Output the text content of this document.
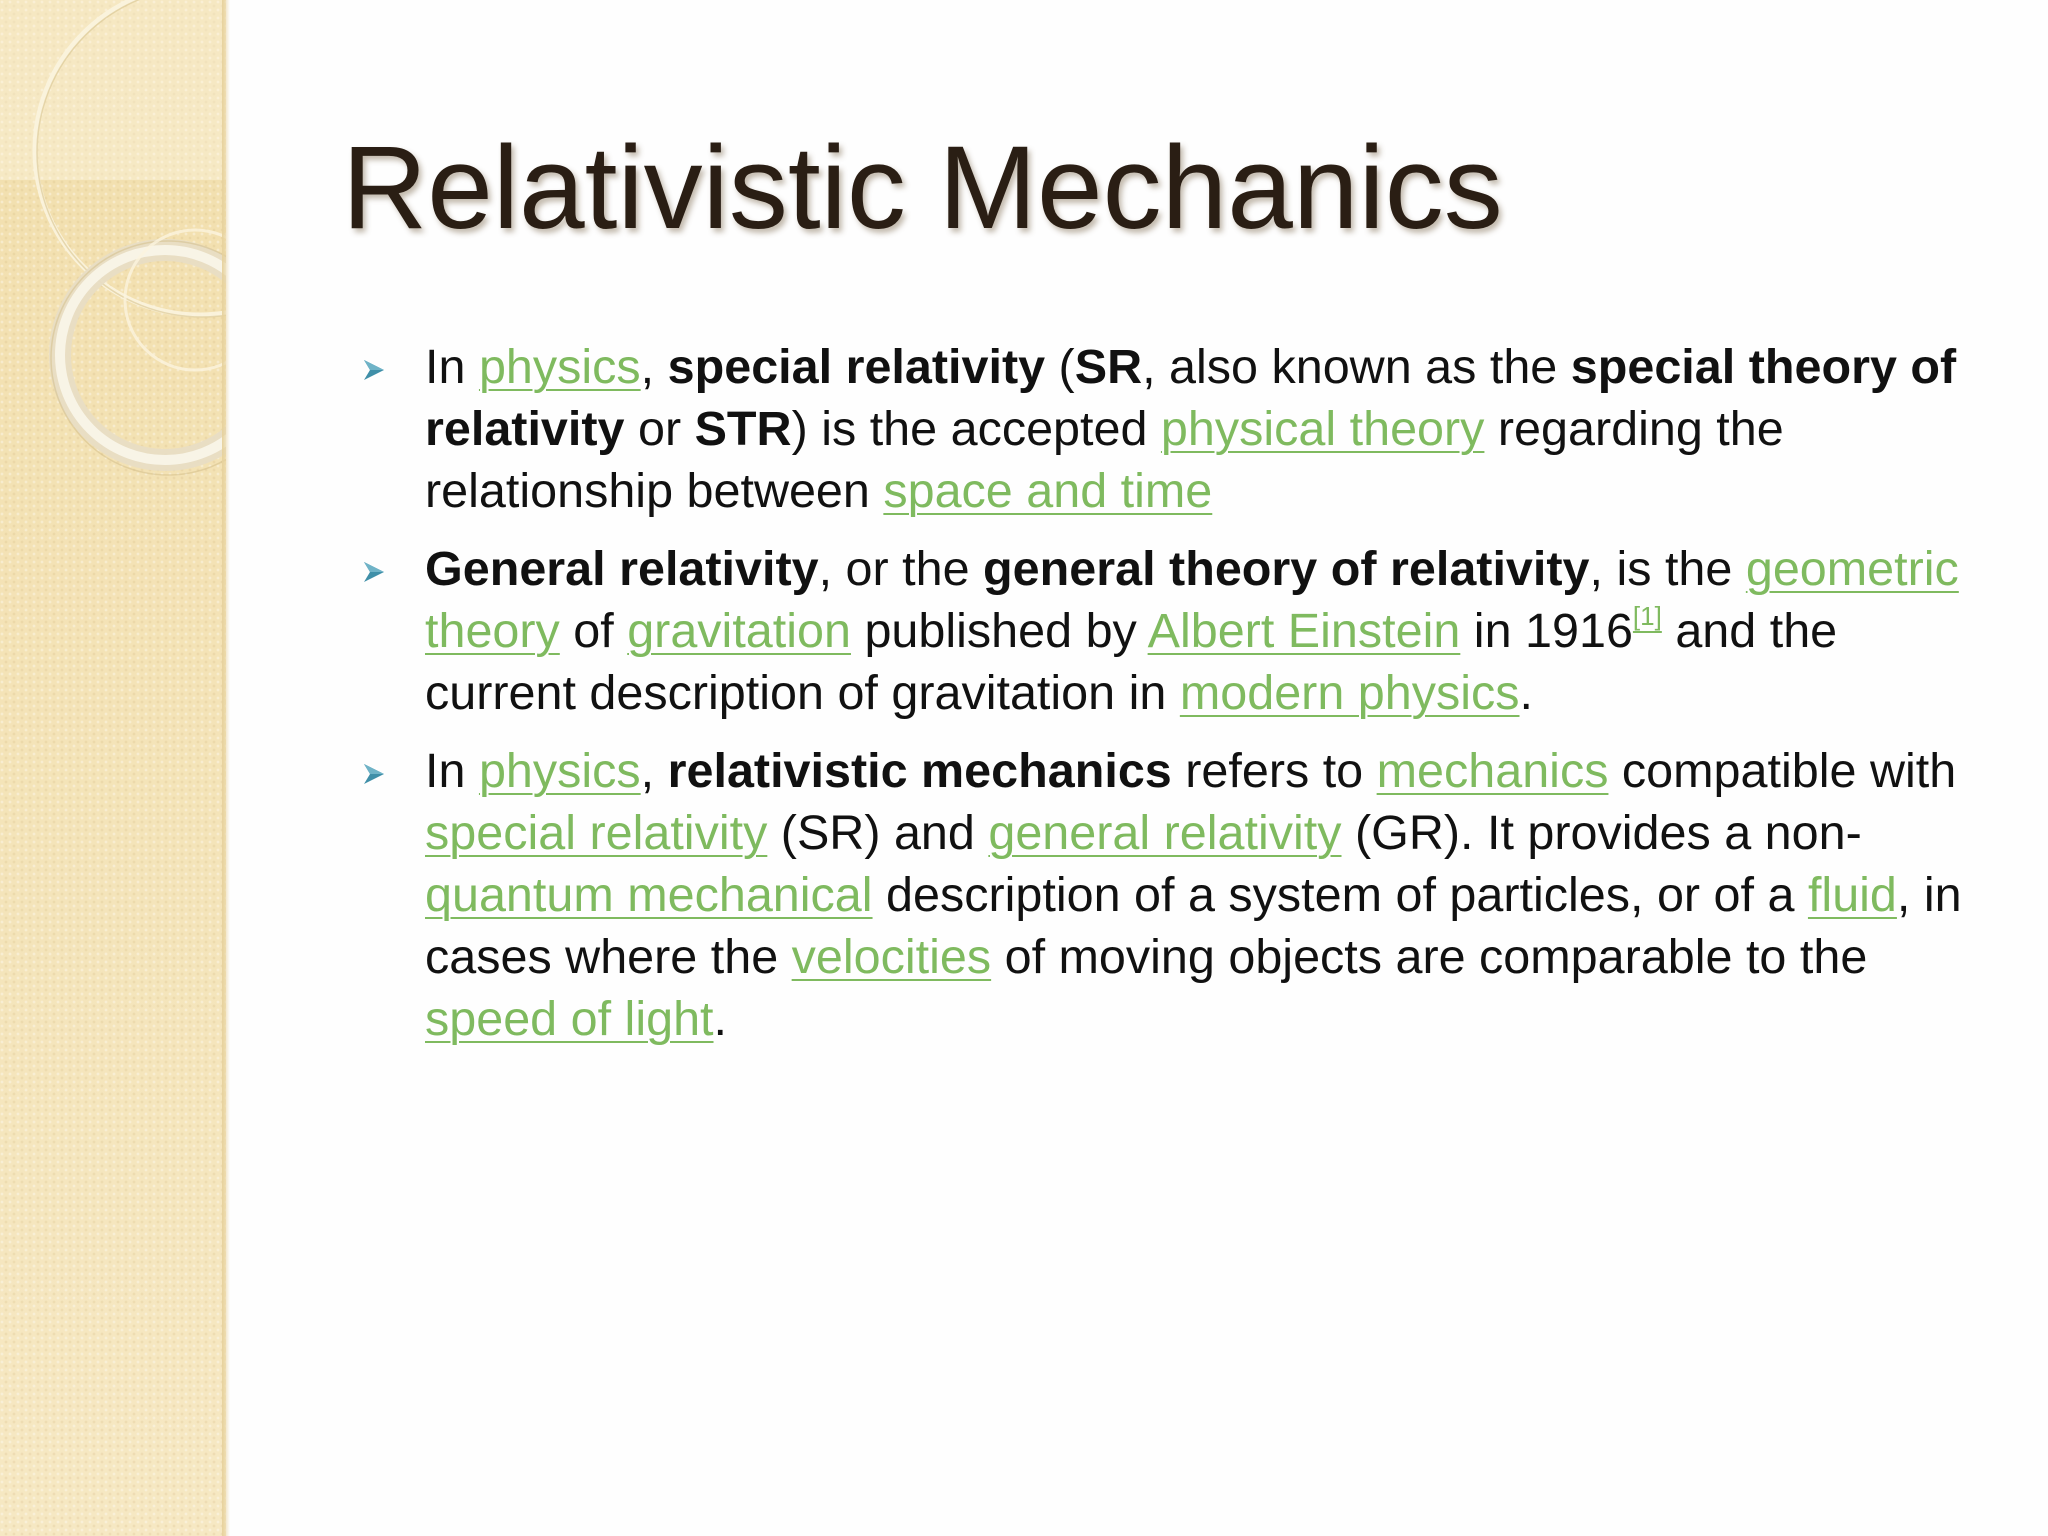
Relativistic Mechanics
In physics, special relativity (SR, also known as the special theory of relativity or STR) is the accepted physical theory regarding the relationship between space and time
General relativity, or the general theory of relativity, is the geometric theory of gravitation published by Albert Einstein in 1916[1] and the current description of gravitation in modern physics.
In physics, relativistic mechanics refers to mechanics compatible with special relativity (SR) and general relativity (GR). It provides a non-quantum mechanical description of a system of particles, or of a fluid, in cases where the velocities of moving objects are comparable to the speed of light.
